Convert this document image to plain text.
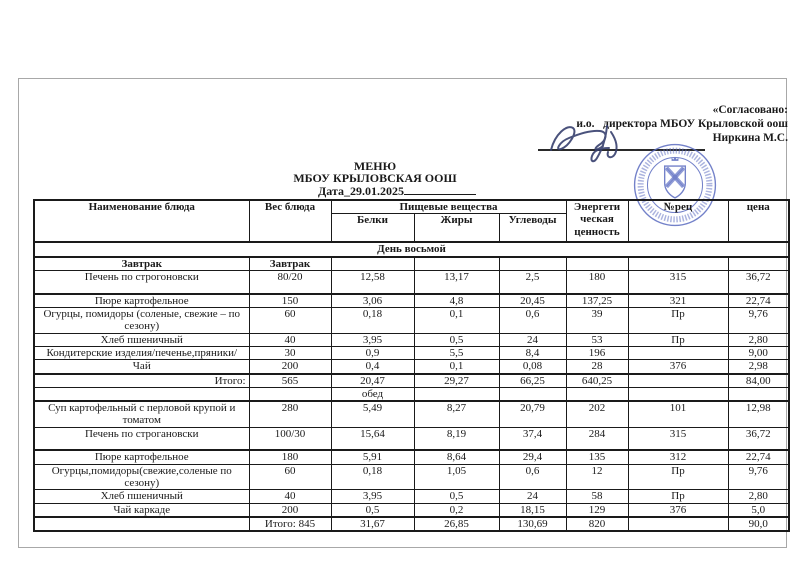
«Согласовано:
и.о.   директора МБОУ Крыловской оош
Ниркина М.С.
МЕНЮ
МБОУ КРЫЛОВСКАЯ ООШ
Дата_29.01.2025
Наименование блюда	Вес блюда	Пищевые вещества			Энергети ческая ценность	№рец	цена
		Белки	Жиры	Углеводы			
День восьмой							
Завтрак	Завтрак						
Печень по строгоновски	80/20	12,58	13,17	2,5	180	315	36,72
Пюре картофельное	150	3,06	4,8	20,45	137,25	321	22,74
Огурцы, помидоры (соленые, свежие – по сезону)	60	0,18	0,1	0,6	39	Пр	9,76
Хлеб пшеничный	40	3,95	0,5	24	53	Пр	2,80
Кондитерские изделия/печенье,пряники/	30	0,9	5,5	8,4	196		9,00
Чай	200	0,4	0,1	0,08	28	376	2,98
Итого:	565	20,47	29,27	66,25	640,25		84,00
		обед					
Суп картофельный с перловой крупой и томатом	280	5,49	8,27	20,79	202	101	12,98
Печень по строгановски	100/30	15,64	8,19	37,4	284	315	36,72
Пюре картофельное	180	5,91	8,64	29,4	135	312	22,74
Огурцы,помидоры(свежие,соленые по сезону)	60	0,18	1,05	0,6	12	Пр	9,76
Хлеб пшеничный	40	3,95	0,5	24	58	Пр	2,80
Чай каркаде	200	0,5	0,2	18,15	129	376	5,0
	Итого: 845	31,67	26,85	130,69	820		90,0
